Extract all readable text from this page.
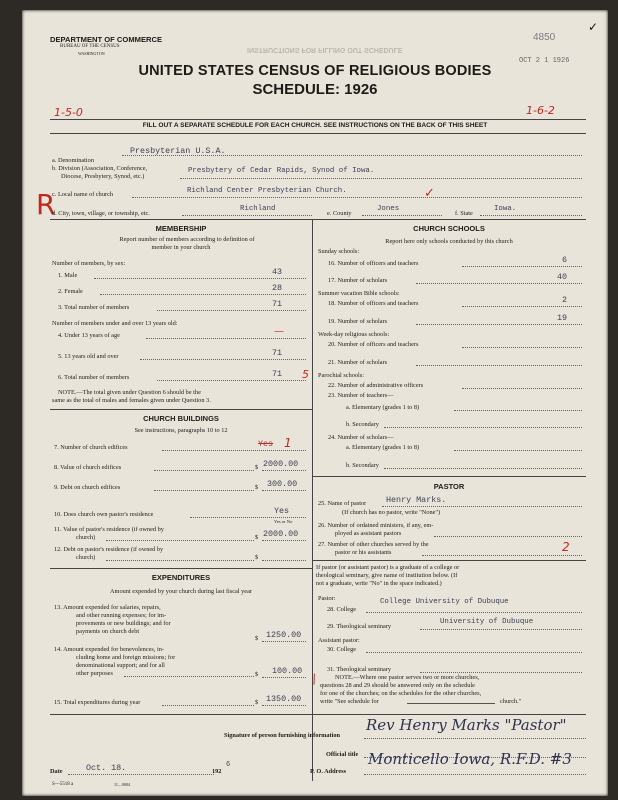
DEPARTMENT OF COMMERCE
BUREAU OF THE CENSUS
WASHINGTON
INSTRUCTIONS FOR FILLING OUT SCHEDULE
4850
OCT 2 1 1926
✓
UNITED STATES CENSUS OF RELIGIOUS BODIES
SCHEDULE: 1926
1-5-0	1-6-2
FILL OUT A SEPARATE SCHEDULE FOR EACH CHURCH. SEE INSTRUCTIONS ON THE BACK OF THIS SHEET
a. Denomination
Presbyterian U.S.A.
b. Division (Association, Conference,
Diocese, Presbytery, Synod, etc.)
Presbytery of Cedar Rapids, Synod of Iowa.
c. Local name of church	Richland Center Presbyterian Church.	✓
R
d. City, town, village, or township, etc.
Richland
e. County
Jones
f. State
Iowa.
MEMBERSHIP
Report number of members according to definition of
member in your church
Number of members, by sex:
1. Male	43
2. Female	28
3. Total number of members	71
Number of members under and over 13 years old:
4. Under 13 years of age	—
5. 13 years old and over	71
6. Total number of members	71 5
NOTE.—The total given under Question 6 should be the
same as the total of males and females given under Question 3.
CHURCH BUILDINGS
See instructions, paragraphs 10 to 12
7. Number of church edifices	Yes 1
8. Value of church edifices	$ 2000.00
9. Debt on church edifices	$ 300.00
10. Does church own pastor's residence	Yes
Yes or No
11. Value of pastor's residence (if owned by
church)	$ 2000.00
12. Debt on pastor's residence (if owned by
church)	$
EXPENDITURES
Amount expended by your church during last fiscal year
13. Amount expended for salaries, repairs,
and other running expenses; for im-
provements or new buildings; and for
payments on church debt
$ 1250.00
14. Amount expended for benevolences, in-
cluding home and foreign missions; for
denominational support; and for all
other purposes	$ 100.00
/
15. Total expenditures during year	$ 1350.00
CHURCH SCHOOLS
Report here only schools conducted by this church
Sunday schools:
16. Number of officers and teachers	6
17. Number of scholars	40
Summer vacation Bible schools:
18. Number of officers and teachers	2
19. Number of scholars	19
Week-day religious schools:
20. Number of officers and teachers
21. Number of scholars
Parochial schools:
22. Number of administrative officers
23. Number of teachers—
a. Elementary (grades 1 to 8)
b. Secondary
24. Number of scholars—
a. Elementary (grades 1 to 8)
b. Secondary
PASTOR
25. Name of pastor Henry Marks.
(If church has no pastor, write "None")
26. Number of ordained ministers, if any, em-
ployed as assistant pastors
27. Number of other churches served by the
pastor or his assistants	2
If pastor (or assistant pastor) is a graduate of a college or
theological seminary, give name of institution below. (If
not a graduate, write "No" in the space indicated.)
Pastor:
28. College
College University of Dubuque
29. Theological seminary
University of Dubuque
Assistant pastor:
30. College
31. Theological seminary
NOTE.—Where one pastor serves two or more churches,
questions 28 and 29 should be answered only on the schedule
for one of the churches; on the schedules for the other churches,
write "See schedule for	church."
Signature of person furnishing information
Rev Henry Marks "Pastor"
Official title
Date	Oct. 18.	192
6
P. O. Address
Monticello Iowa, R.F.D. #3
S—5518 a	11—9084
